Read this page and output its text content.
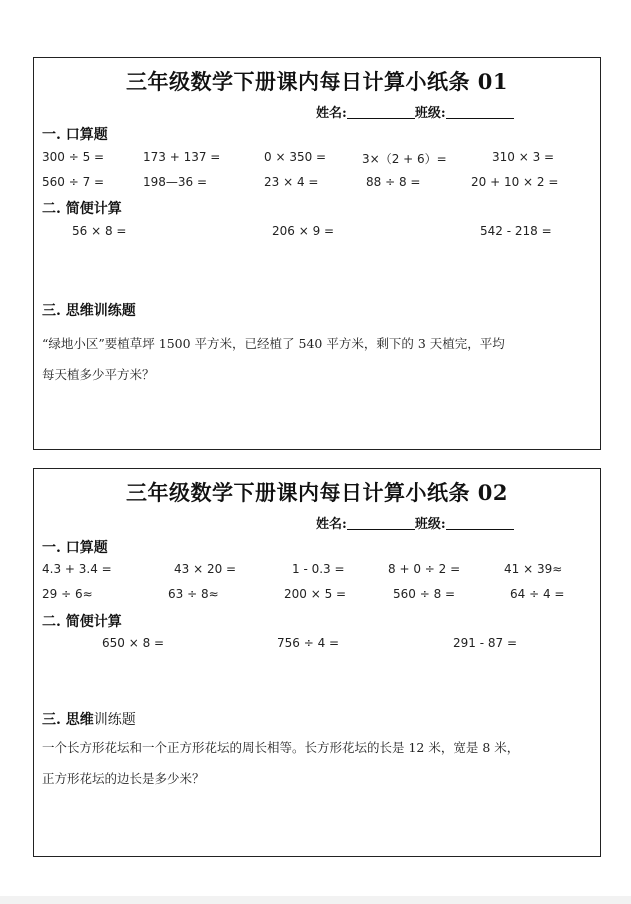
三年级数学下册课内每日计算小纸条 01
姓名:	班级:
一. 口算题
300 ÷ 5 =	173 + 137 =	0 × 350 =	3×（2 + 6）=	310 × 3 =
560 ÷ 7 =	198—36 =	23 × 4 =	88 ÷ 8 =	20 + 10 × 2 =
二. 简便计算
56 × 8 =	206 × 9 =	542 - 218 =
三. 思维训练题
“绿地小区”要植草坪 1500 平方米，已经植了 540 平方米，剩下的 3 天植完，平均
每天植多少平方米？
三年级数学下册课内每日计算小纸条 02
姓名:	班级:
一. 口算题
4.3 + 3.4 =	43 × 20 =	1 - 0.3 =	8 + 0 ÷ 2 =	41 × 39≈
29 ÷ 6≈	63 ÷ 8≈	200 × 5 =	560 ÷ 8 =	64 ÷ 4 =
二. 简便计算
650 × 8 =	756 ÷ 4 =	291 - 87 =
三. 思维训练题
一个长方形花坛和一个正方形花坛的周长相等。长方形花坛的长是 12 米，宽是 8 米，
正方形花坛的边长是多少米？
